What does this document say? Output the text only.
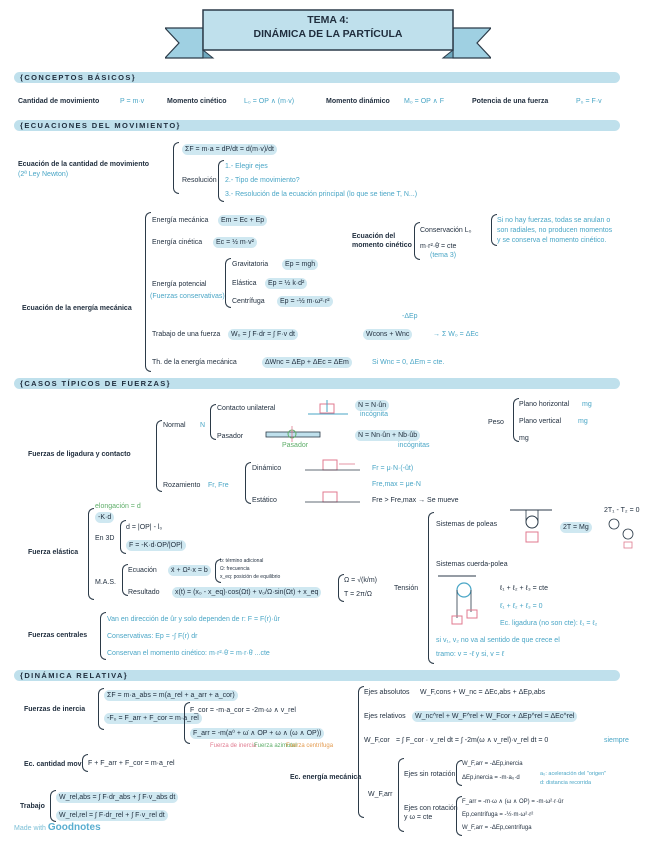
TEMA 4:
DINÁMICA DE LA PARTÍCULA
{CONCEPTOS BÁSICOS}
Cantidad de movimiento	P = m·v	Momento cinético L₀ = OP ∧ (m·v)	Momento dinámico M₀ = OP ∧ F	Potencia de una fuerza	P₀ = F·v
{ECUACIONES DEL MOVIMIENTO}
Ecuación de la cantidad de movimiento
(2ª Ley Newton)
ΣF = m·a = dP/dt = d(m·v)/dt
Resolución
1.- Elegir ejes
2.- Tipo de movimiento?
3.- Resolución de la ecuación principal (lo que se tiene T, N...)
Ecuación de la energía mecánica
Energía mecánica	Em = Ec + Ep
Energía cinética	Ec = ½ m·v²
Energía potencial
(Fuerzas conservativas)
Gravitatoria	Ep = mgh
Elástica	Ep = ½ k·d²
Centrífuga	Ep = -½ m·ω²·r²
Trabajo de una fuerza	W₀ = ∫ F·dr = ∫ F·v dt	Wcons + Wnc
-ΔEp
→ Σ W₀ = ΔEc
Th. de la energía mecánica	ΔWnc = ΔEp + ΔEc = ΔEm	Si Wnc = 0, ΔEm = cte.
Ecuación del momento cinético
Conservación L₀
m·r²·θ̇ = cte
(tema 3)
Si no hay fuerzas, todas se anulan o
son radiales, no producen momentos
y se conserva el momento cinético.
{CASOS TÍPICOS DE FUERZAS}
Fuerzas de ligadura y contacto
Normal N
Contacto unilateral	N = N·ûn
incógnita
Pasador
Pasador
N = Nn·ûn + Nb·ûb
incógnitas
Rozamiento Fr, Fre
Dinámico	Fr = μ·N·(-ût)
Fre,max = μe·N
Estático	Fre > Fre,max → Se mueve
Peso
Plano horizontal mg
Plano vertical mg
mg
Fuerza elástica
elongación = d
-K·d
En 3D
d = |OP| - l₀
F = -K·d·OP/|OP|
M.A.S.
Ecuación	ẍ + Ω²·x = b
b: término adicional
Ω: frecuencia
x_eq: posición de equilibrio
Resultado	x(t) = (x₀ - x_eq)·cos(Ωt) + v₀/Ω·sin(Ωt) + x_eq
Ω = √(k/m)
T = 2π/Ω
Fuerzas centrales
Van en dirección de ûr y solo dependen de r: F = F(r)·ûr
Conservativas: Ep = -∫ F(r) dr
Conservan el momento cinético: m·r²·θ̇ = m·r·θ̇ ...cte
Tensión
Sistemas de poleas	2T = Mg
2T₁ - T₂ = 0
Sistemas cuerda-polea
ℓ₁ + ℓ₂ + ℓ₃ = cte
ℓ̇₁ + ℓ̇₂ + ℓ̇₃ = 0
Ec. ligadura (no son cte): ℓ₁ = ℓ₂
si v₁, v₂ no va al sentido de que crece el
tramo: v = -ℓ̇ y si, v = ℓ̇
{DINÁMICA RELATIVA}
Fuerzas de inercia
ΣF = m·a_abs = m(a_rel + a_arr + a_cor)
-F₀ = F_arr + F_cor = m·a_rel
F_cor = -m·a_cor = -2m·ω ∧ v_rel
F_arr = -m(a⁰ + ω̇ ∧ OP + ω ∧ (ω ∧ OP))
Fuerza de inercia
Fuerza azimutal
Fuerza centrífuga
Ec. cantidad mov F + F_arr + F_cor = m·a_rel
Trabajo
W_rel,abs = ∫ F·dr_abs + ∫ F·v_abs dt
W_rel,rel = ∫ F·dr_rel + ∫ F·v_rel dt
Ejes absolutos W_F,cons + W_nc = ΔEc,abs + ΔEp,abs
Ejes relativos	W_nc^rel + W_F^rel + W_Fcor + ΔEp^rel = ΔEc^rel
W_F,cor = ∫ F_cor · v_rel dt = ∫ -2m(ω ∧ v_rel)·v_rel dt = 0	siempre
Ec. energía mecánica
W_F,arr
Ejes sin rotación
W_F,arr = -ΔEp,inercia
ΔEp,inercia = -m·a₀·d
a₀: aceleración del "origen"
d: distancia recorrida
Ejes con rotación
y ω = cte
F_arr = -m·ω ∧ (ω ∧ OP) = -m·ω²·r·ûr
Ep,centrífuga = -½·m·ω²·r²
W_F,arr = -ΔEp,centrífuga
Made with Goodnotes
